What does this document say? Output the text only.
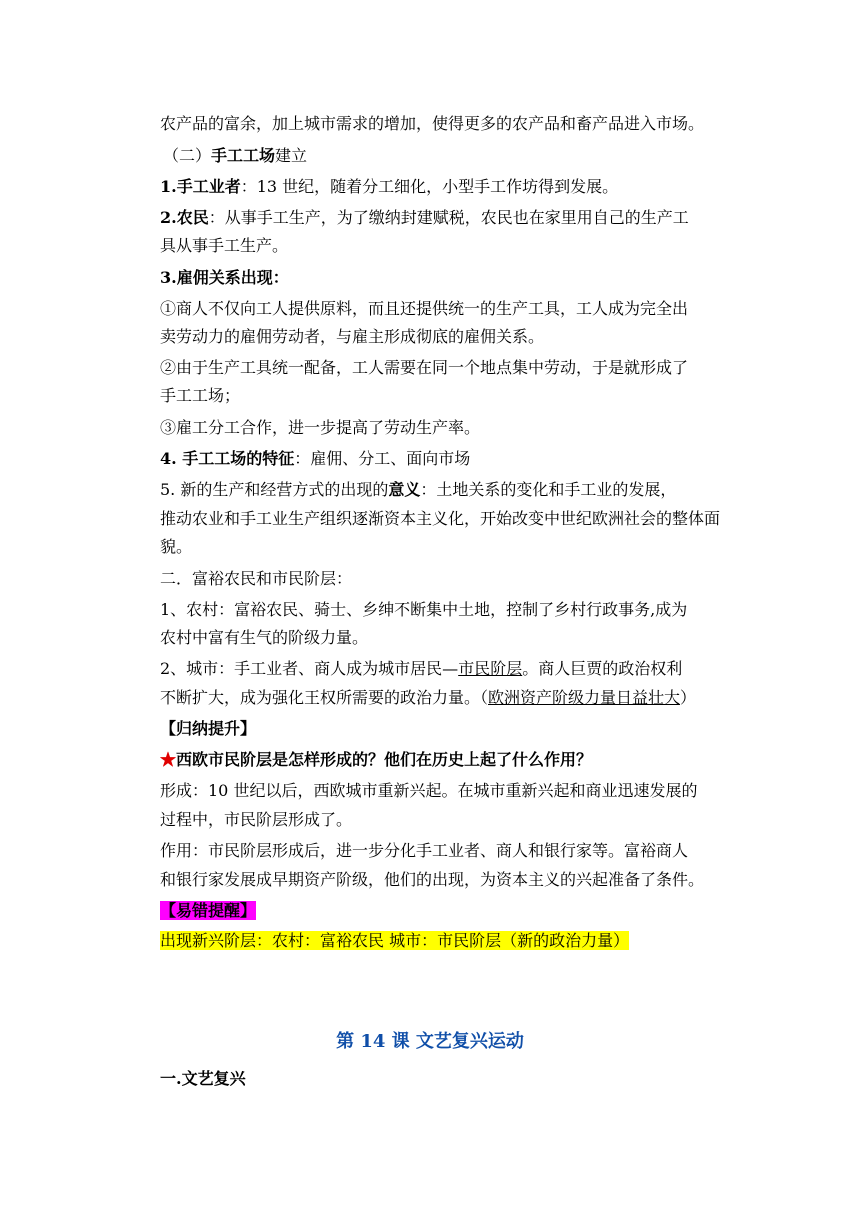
农产品的富余，加上城市需求的增加，使得更多的农产品和畜产品进入市场。
（二）手工工场建立
1.手工业者：13 世纪，随着分工细化，小型手工作坊得到发展。
2.农民：从事手工生产，为了缴纳封建赋税，农民也在家里用自己的生产工
具从事手工生产。
3.雇佣关系出现：
①商人不仅向工人提供原料，而且还提供统一的生产工具，工人成为完全出
卖劳动力的雇佣劳动者，与雇主形成彻底的雇佣关系。
②由于生产工具统一配备，工人需要在同一个地点集中劳动，于是就形成了
手工工场；
③雇工分工合作，进一步提高了劳动生产率。
4. 手工工场的特征：雇佣、分工、面向市场
5. 新的生产和经营方式的出现的意义：土地关系的变化和手工业的发展，
推动农业和手工业生产组织逐渐资本主义化，开始改变中世纪欧洲社会的整体面
貌。
二．富裕农民和市民阶层：
1、农村：富裕农民、骑士、乡绅不断集中土地，控制了乡村行政事务,成为
农村中富有生气的阶级力量。
2、城市：手工业者、商人成为城市居民—市民阶层。商人巨贾的政治权利
不断扩大，成为强化王权所需要的政治力量。（欧洲资产阶级力量日益壮大）
【归纳提升】
★西欧市民阶层是怎样形成的？他们在历史上起了什么作用？
形成：10 世纪以后，西欧城市重新兴起。在城市重新兴起和商业迅速发展的
过程中，市民阶层形成了。
作用：市民阶层形成后，进一步分化手工业者、商人和银行家等。富裕商人
和银行家发展成早期资产阶级，他们的出现，为资本主义的兴起准备了条件。
【易错提醒】
出现新兴阶层：农村：富裕农民 城市：市民阶层（新的政治力量）
第 14 课 文艺复兴运动
一.文艺复兴
